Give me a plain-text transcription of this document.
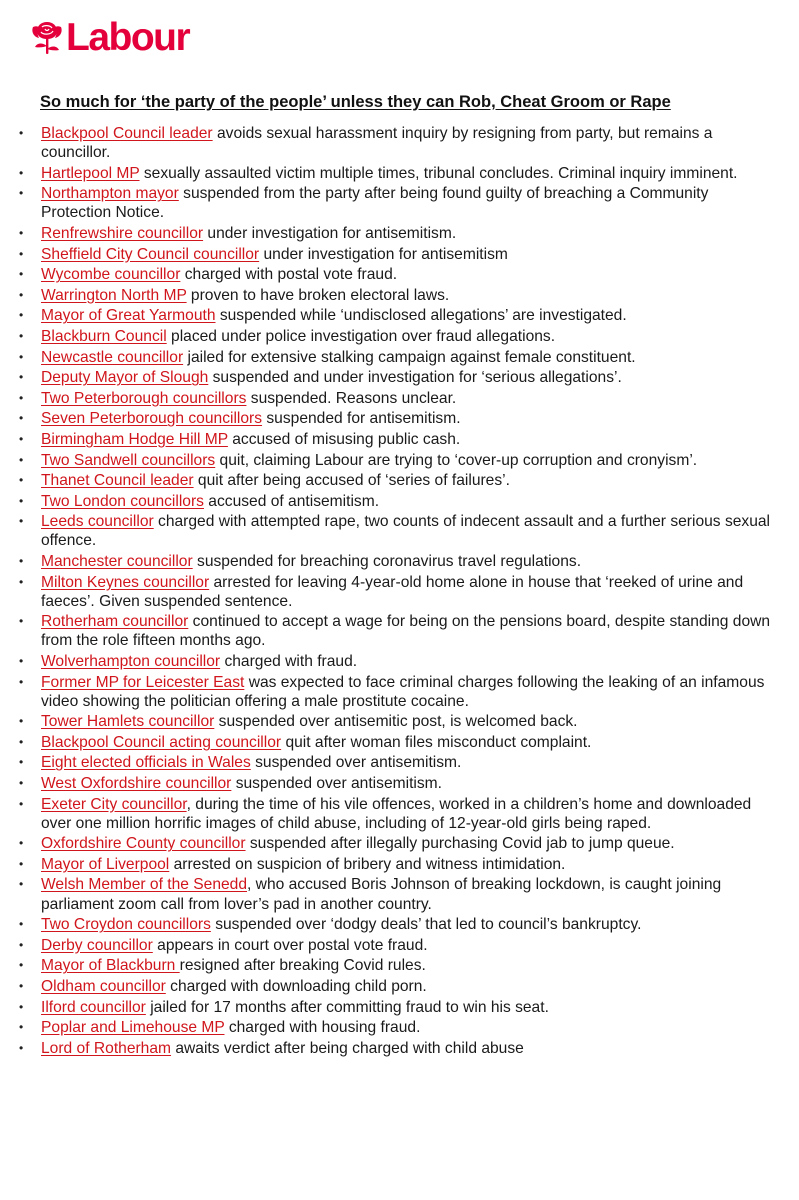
Labour
So much for ‘the party of the people’ unless they can Rob, Cheat Groom or Rape
• Blackpool Council leader avoids sexual harassment inquiry by resigning from party, but remains a councillor.
• Hartlepool MP sexually assaulted victim multiple times, tribunal concludes. Criminal inquiry imminent.
• Northampton mayor suspended from the party after being found guilty of breaching a Community Protection Notice.
• Renfrewshire councillor under investigation for antisemitism.
• Sheffield City Council councillor under investigation for antisemitism
• Wycombe councillor charged with postal vote fraud.
• Warrington North MP proven to have broken electoral laws.
• Mayor of Great Yarmouth suspended while ‘undisclosed allegations’ are investigated.
• Blackburn Council placed under police investigation over fraud allegations.
• Newcastle councillor jailed for extensive stalking campaign against female constituent.
• Deputy Mayor of Slough suspended and under investigation for ‘serious allegations’.
• Two Peterborough councillors suspended. Reasons unclear.
• Seven Peterborough councillors suspended for antisemitism.
• Birmingham Hodge Hill MP accused of misusing public cash.
• Two Sandwell councillors quit, claiming Labour are trying to ‘cover-up corruption and cronyism’.
• Thanet Council leader quit after being accused of ‘series of failures’.
• Two London councillors accused of antisemitism.
• Leeds councillor charged with attempted rape, two counts of indecent assault and a further serious sexual offence.
• Manchester councillor suspended for breaching coronavirus travel regulations.
• Milton Keynes councillor arrested for leaving 4-year-old home alone in house that ‘reeked of urine and faeces’. Given suspended sentence.
• Rotherham councillor continued to accept a wage for being on the pensions board, despite standing down from the role fifteen months ago.
• Wolverhampton councillor charged with fraud.
• Former MP for Leicester East was expected to face criminal charges following the leaking of an infamous video showing the politician offering a male prostitute cocaine.
• Tower Hamlets councillor suspended over antisemitic post, is welcomed back.
• Blackpool Council acting councillor quit after woman files misconduct complaint.
• Eight elected officials in Wales suspended over antisemitism.
• West Oxfordshire councillor suspended over antisemitism.
• Exeter City councillor, during the time of his vile offences, worked in a children’s home and downloaded over one million horrific images of child abuse, including of 12-year-old girls being raped.
• Oxfordshire County councillor suspended after illegally purchasing Covid jab to jump queue.
• Mayor of Liverpool arrested on suspicion of bribery and witness intimidation.
• Welsh Member of the Senedd, who accused Boris Johnson of breaking lockdown, is caught joining parliament zoom call from lover’s pad in another country.
• Two Croydon councillors suspended over ‘dodgy deals’ that led to council’s bankruptcy.
• Derby councillor appears in court over postal vote fraud.
• Mayor of Blackburn resigned after breaking Covid rules.
• Oldham councillor charged with downloading child porn.
• Ilford councillor jailed for 17 months after committing fraud to win his seat.
• Poplar and Limehouse MP charged with housing fraud.
• Lord of Rotherham awaits verdict after being charged with child abuse
